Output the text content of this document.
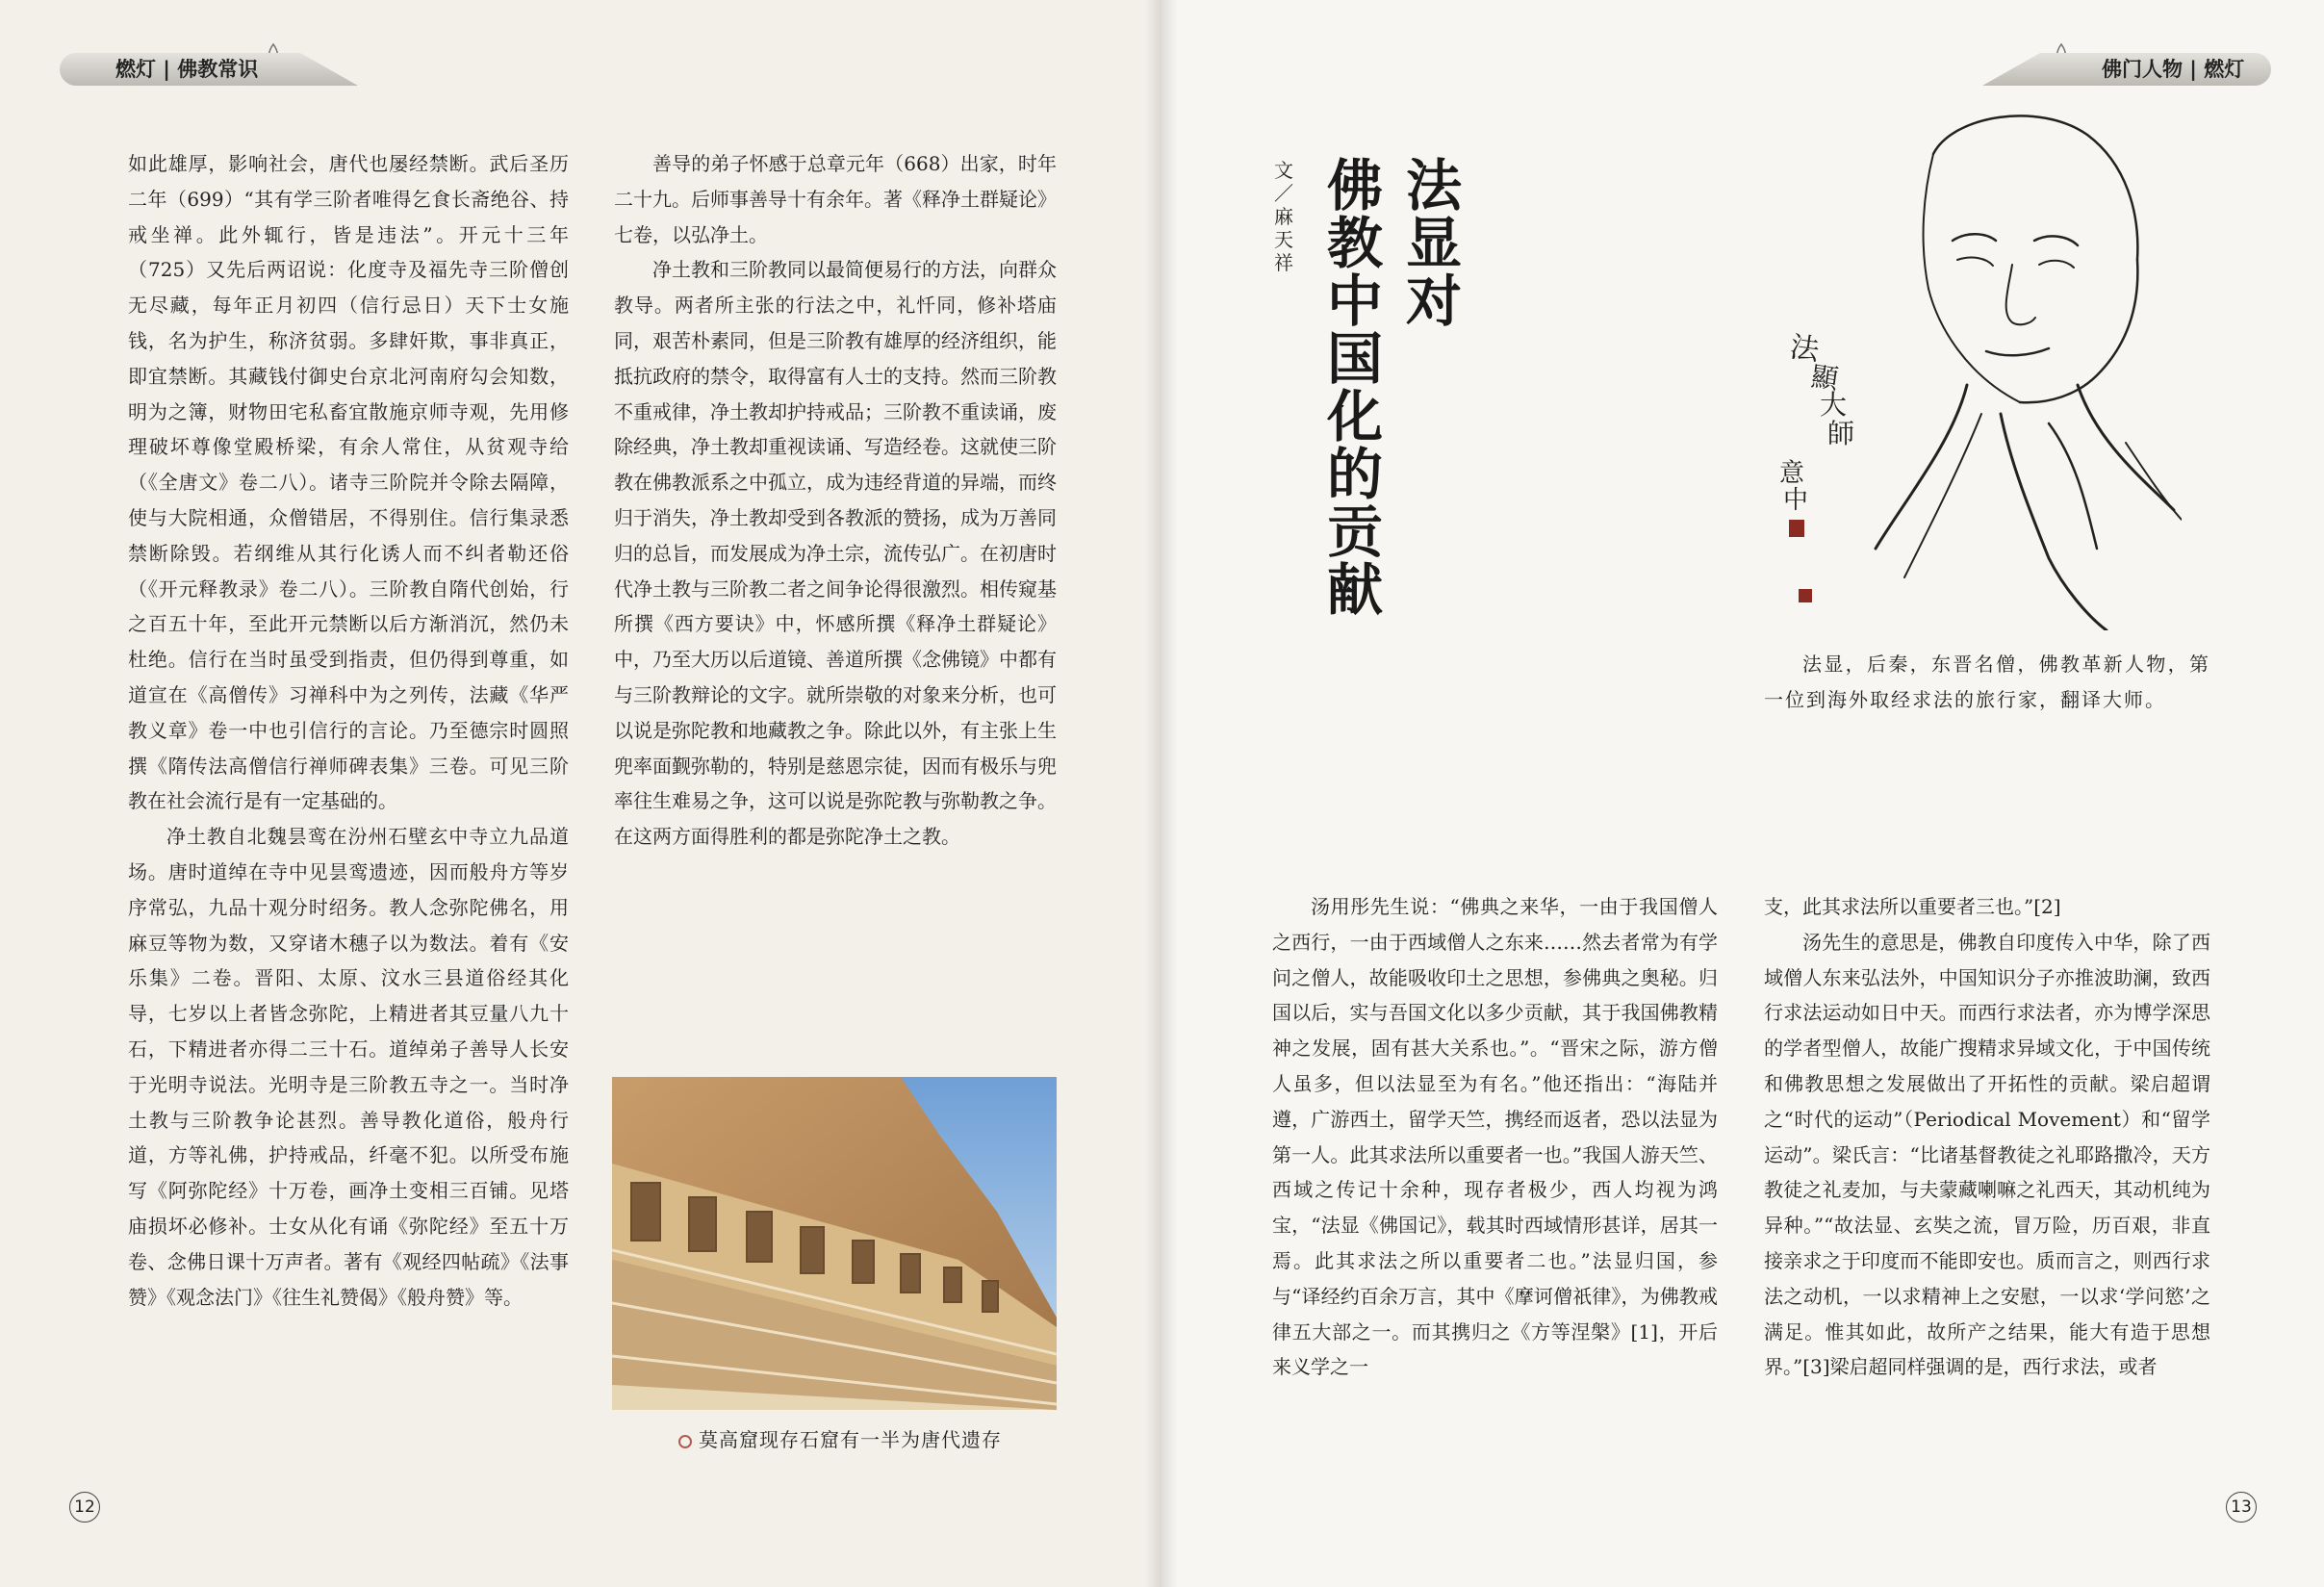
燃灯 | 佛教常识	佛门人物 | 燃灯

如此雄厚，影响社会，唐代也屡经禁断。武后圣历二年（699）“其有学三阶者唯得乞食长斋绝谷、持戒坐禅。此外辄行，皆是违法”。开元十三年（725）又先后两诏说：化度寺及福先寺三阶僧创无尽藏，每年正月初四（信行忌日）天下士女施钱，名为护生，称济贫弱。多肆奸欺，事非真正，即宜禁断。其藏钱付御史台京北河南府勾会知数，明为之簿，财物田宅私畜宜散施京师寺观，先用修理破坏尊像堂殿桥梁，有余人常住，从贫观寺给（《全唐文》卷二八）。诸寺三阶院并令除去隔障，使与大院相通，众僧错居，不得别住。信行集录悉禁断除毁。若纲维从其行化诱人而不纠者勒还俗（《开元释教录》卷二八）。三阶教自隋代创始，行之百五十年，至此开元禁断以后方渐消沉，然仍未杜绝。信行在当时虽受到指责，但仍得到尊重，如道宣在《高僧传》习禅科中为之列传，法藏《华严教义章》卷一中也引信行的言论。乃至德宗时圆照撰《隋传法高僧信行禅师碑表集》三卷。可见三阶教在社会流行是有一定基础的。

净土教自北魏昙鸾在汾州石壁玄中寺立九品道场。唐时道绰在寺中见昙鸾遗迹，因而般舟方等岁序常弘，九品十观分时绍务。教人念弥陀佛名，用麻豆等物为数，又穿诸木穗子以为数法。着有《安乐集》二卷。晋阳、太原、汶水三县道俗经其化导，七岁以上者皆念弥陀，上精进者其豆量八九十石，下精进者亦得二三十石。道绰弟子善导人长安于光明寺说法。光明寺是三阶教五寺之一。当时净土教与三阶教争论甚烈。善导教化道俗，般舟行道，方等礼佛，护持戒品，纤毫不犯。以所受布施写《阿弥陀经》十万卷，画净土变相三百铺。见塔庙损坏必修补。士女从化有诵《弥陀经》至五十万卷、念佛日课十万声者。著有《观经四帖疏》《法事赞》《观念法门》《往生礼赞偈》《般舟赞》等。

善导的弟子怀感于总章元年（668）出家，时年二十九。后师事善导十有余年。著《释净土群疑论》七卷，以弘净土。

净土教和三阶教同以最简便易行的方法，向群众教导。两者所主张的行法之中，礼忏同，修补塔庙同，艰苦朴素同，但是三阶教有雄厚的经济组织，能抵抗政府的禁令，取得富有人士的支持。然而三阶教不重戒律，净土教却护持戒品；三阶教不重读诵，废除经典，净土教却重视读诵、写造经卷。这就使三阶教在佛教派系之中孤立，成为违经背道的异端，而终归于消失，净土教却受到各教派的赞扬，成为万善同归的总旨，而发展成为净土宗，流传弘广。在初唐时代净土教与三阶教二者之间争论得很激烈。相传窥基所撰《西方要诀》中，怀感所撰《释净土群疑论》中，乃至大历以后道镜、善道所撰《念佛镜》中都有与三阶教辩论的文字。就所崇敬的对象来分析，也可以说是弥陀教和地藏教之争。除此以外，有主张上生兜率面觐弥勒的，特别是慈恩宗徒，因而有极乐与兜率往生难易之争，这可以说是弥陀教与弥勒教之争。在这两方面得胜利的都是弥陀净土之教。

莫高窟现存石窟有一半为唐代遗存
12
法显对
佛教中国化的贡献
文／麻天祥
法
顯
大
師
意
中

法显，后秦，东晋名僧，佛教革新人物，第一位到海外取经求法的旅行家，翻译大师。

汤用彤先生说：“佛典之来华，一由于我国僧人之西行，一由于西域僧人之东来……然去者常为有学问之僧人，故能吸收印土之思想，参佛典之奥秘。归国以后，实与吾国文化以多少贡献，其于我国佛教精神之发展，固有甚大关系也。”。“晋宋之际，游方僧人虽多，但以法显至为有名。”他还指出：“海陆并遵，广游西土，留学天竺，携经而返者，恐以法显为第一人。此其求法所以重要者一也。”我国人游天竺、西域之传记十余种，现存者极少，西人均视为鸿宝，“法显《佛国记》，载其时西域情形甚详，居其一焉。此其求法之所以重要者二也。”法显归国，参与“译经约百余万言，其中《摩诃僧祇律》，为佛教戒律五大部之一。而其携归之《方等涅槃》[1]，开后来义学之一

支，此其求法所以重要者三也。”[2]

汤先生的意思是，佛教自印度传入中华，除了西域僧人东来弘法外，中国知识分子亦推波助澜，致西行求法运动如日中天。而西行求法者，亦为博学深思的学者型僧人，故能广搜精求异域文化，于中国传统和佛教思想之发展做出了开拓性的贡献。梁启超谓之“时代的运动”（Periodical Movement）和“留学运动”。梁氏言：“比诸基督教徒之礼耶路撒冷，天方教徒之礼麦加，与夫蒙藏喇嘛之礼西天，其动机纯为异种。”“故法显、玄奘之流，冒万险，历百艰，非直接亲求之于印度而不能即安也。质而言之，则西行求法之动机，一以求精神上之安慰，一以求‘学问慾’之满足。惟其如此，故所产之结果，能大有造于思想界。”[3]梁启超同样强调的是，西行求法，或者

13
